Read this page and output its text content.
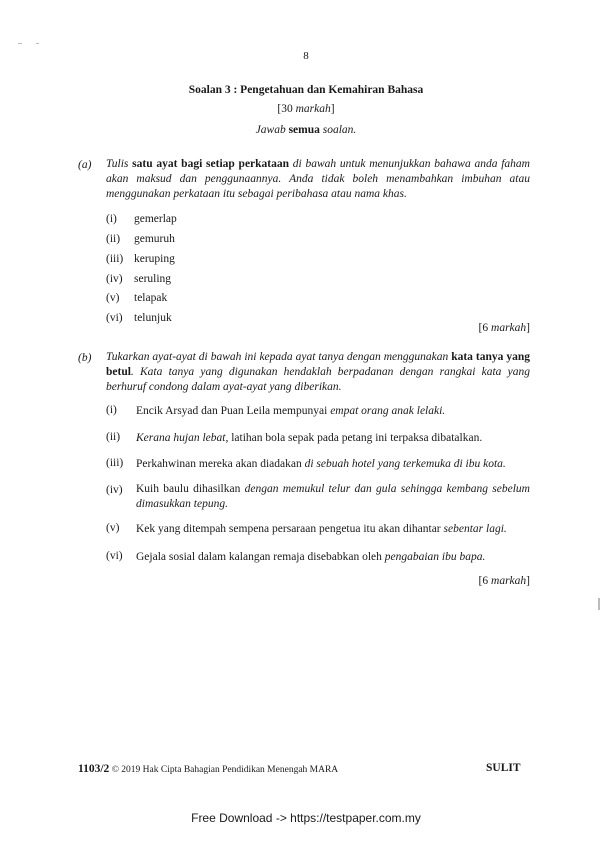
8
Soalan 3 : Pengetahuan dan Kemahiran Bahasa
[30 markah]
Jawab semua soalan.
(a) Tulis satu ayat bagi setiap perkataan di bawah untuk menunjukkan bahawa anda faham akan maksud dan penggunaannya. Anda tidak boleh menambahkan imbuhan atau menggunakan perkataan itu sebagai peribahasa atau nama khas.
(i)	gemerlap
(ii)	gemuruh
(iii) keruping
(iv) seruling
(v)	telapak
(vi) telunjuk
[6 markah]
(b) Tukarkan ayat-ayat di bawah ini kepada ayat tanya dengan menggunakan kata tanya yang betul. Kata tanya yang digunakan hendaklah berpadanan dengan rangkai kata yang berhuruf condong dalam ayat-ayat yang diberikan.
(i)	Encik Arsyad dan Puan Leila mempunyai empat orang anak lelaki.
(ii)	Kerana hujan lebat, latihan bola sepak pada petang ini terpaksa dibatalkan.
(iii)	Perkahwinan mereka akan diadakan di sebuah hotel yang terkemuka di ibu kota.
(iv)	Kuih baulu dihasilkan dengan memukul telur dan gula sehingga kembang sebelum dimasukkan tepung.
(v)	Kek yang ditempah sempena persaraan pengetua itu akan dihantar sebentar lagi.
(vi)	Gejala sosial dalam kalangan remaja disebabkan oleh pengabaian ibu bapa.
[6 markah]
1103/2 © 2019 Hak Cipta Bahagian Pendidikan Menengah MARA	SULIT
Free Download -> https://testpaper.com.my
